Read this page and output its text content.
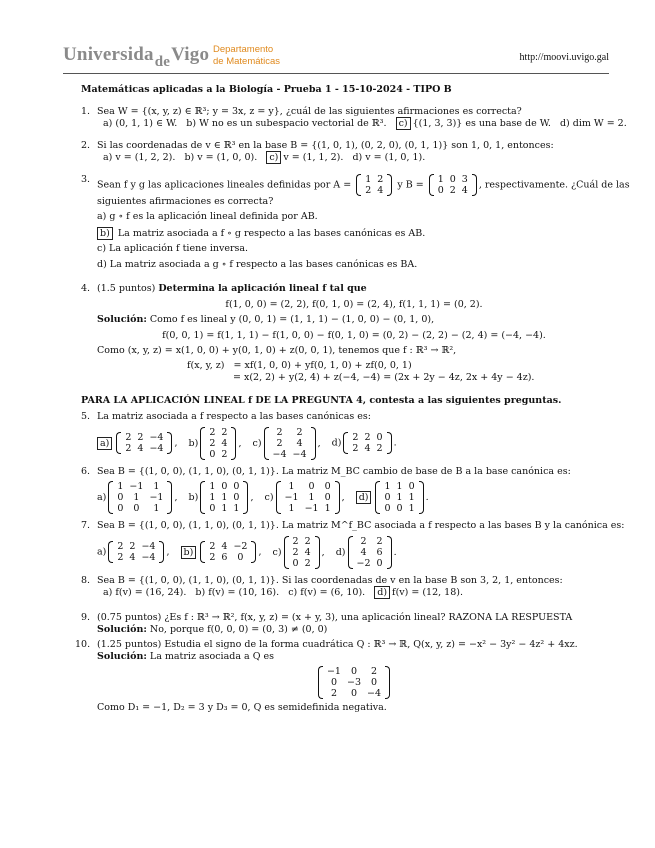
Universida$_{de}$Vigo Departamento
de Matemáticas	http://moovi.uvigo.gal
Matemáticas aplicadas a la Biología - Prueba 1 - 15-10-2024 - TIPO B
1. Sea W = {(x, y, z) ∈ ℝ³; y = 3x, z = y}, ¿cuál de las siguientes afirmaciones es correcta?
a) (0, 1, 1) ∈ W. b) W no es un subespacio vectorial de ℝ³. c) {(1, 3, 3)} es una base de W. d) dim W = 2.
2. Si las coordenadas de v ∈ ℝ³ en la base B = {(1, 0, 1), (0, 2, 0), (0, 1, 1)} son 1, 0, 1, entonces:
a) v = (1, 2, 2). b) v = (1, 0, 0). c) v = (1, 1, 2). d) v = (1, 0, 1).
3. Sean f y g las aplicaciones lineales definidas por A = 1	2
2	4 y B = 1	0	3
0	2	4 , respectivamente. ¿Cuál de las
siguientes afirmaciones es correcta?
a) g ∘ f es la aplicación lineal definida por AB.
b) La matriz asociada a f ∘ g respecto a las bases canónicas es AB.
c) La aplicación f tiene inversa.
d) La matriz asociada a g ∘ f respecto a las bases canónicas es BA.
4. (1.5 puntos) Determina la aplicación lineal f tal que
f(1, 0, 0) = (2, 2), f(0, 1, 0) = (2, 4), f(1, 1, 1) = (0, 2).
Solución: Como f es lineal y (0, 0, 1) = (1, 1, 1) − (1, 0, 0) − (0, 1, 0),
f(0, 0, 1) = f(1, 1, 1) − f(1, 0, 0) − f(0, 1, 0) = (0, 2) − (2, 2) − (2, 4) = (−4, −4).
Como (x, y, z) = x(1, 0, 0) + y(0, 1, 0) + z(0, 0, 1), tenemos que f : ℝ³ → ℝ²,
f(x, y, z)   = xf(1, 0, 0) + yf(0, 1, 0) + zf(0, 0, 1)
= x(2, 2) + y(2, 4) + z(−4, −4) = (2x + 2y − 4z, 2x + 4y − 4z).
PARA LA APLICACIÓN LINEAL f DE LA PREGUNTA 4, contesta a las siguientes preguntas.
5. La matriz asociada a f respecto a las bases canónicas es:
a) 2	2	−4
2	4	−4 , b)
2	2
2	4
0	2
, c)
2	2
2	4
−4	−4
, d) 2	2	0
2	4	2 .
6. Sea B = {(1, 0, 0), (1, 1, 0), (0, 1, 1)}. La matriz M_BC cambio de base de B a la base canónica es:
a)
1	−1	1
0	1	−1
0	0	1
, b)
1	0	0
1	1	0
0	1	1
, c)
1	0	0
−1	1	0
1	−1	1
, d)
1	1	0
0	1	1
0	0	1
.
7. Sea B = {(1, 0, 0), (1, 1, 0), (0, 1, 1)}. La matriz M^f_BC asociada a f respecto a las bases B y la canónica es:
a) 2	2	−4
2	4	−4 , b) 2	4	−2
2	6	0 , c)
2	2
2	4
0	2
, d)
2	2
4	6
−2	0
.
8. Sea B = {(1, 0, 0), (1, 1, 0), (0, 1, 1)}. Si las coordenadas de v en la base B son 3, 2, 1, entonces:
a) f(v) = (16, 24). b) f(v) = (10, 16). c) f(v) = (6, 10). d) f(v) = (12, 18).
9. (0.75 puntos) ¿Es f : ℝ³ → ℝ², f(x, y, z) = (x + y, 3), una aplicación lineal? RAZONA LA RESPUESTA
Solución: No, porque f(0, 0, 0) = (0, 3) ≠ (0, 0)
10. (1.25 puntos) Estudia el signo de la forma cuadrática Q : ℝ³ → ℝ, Q(x, y, z) = −x² − 3y² − 4z² + 4xz.
Solución: La matriz asociada a Q es
−1	0	2
0	−3	0
2	0	−4
Como D₁ = −1, D₂ = 3 y D₃ = 0, Q es semidefinida negativa.
